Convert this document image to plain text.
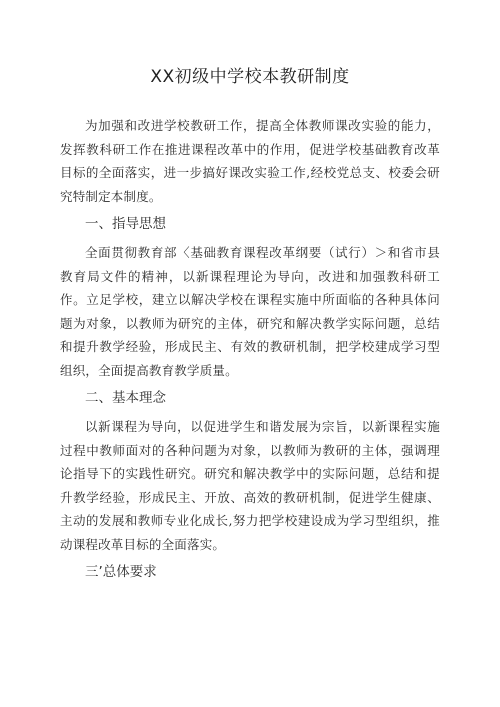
XX初级中学校本教研制度

为加强和改进学校教研工作，提高全体教师课改实验的能力，发挥教科研工作在推进课程改革中的作用，促进学校基础教育改革目标的全面落实，进一步搞好课改实验工作,经校党总支、校委会研究特制定本制度。

一、指导思想

全面贯彻教育部〈基础教育课程改革纲要（试行）＞和省市县教育局文件的精神，以新课程理论为导向，改进和加强教科研工作。立足学校，建立以解决学校在课程实施中所面临的各种具体问题为对象，以教师为研究的主体，研究和解决教学实际问题，总结和提升教学经验，形成民主、有效的教研机制，把学校建成学习型组织，全面提高教育教学质量。

二、基本理念

以新课程为导向，以促进学生和谐发展为宗旨，以新课程实施过程中教师面对的各种问题为对象，以教师为教研的主体，强调理论指导下的实践性研究。研究和解决教学中的实际问题，总结和提升教学经验，形成民主、开放、高效的教研机制，促进学生健康、主动的发展和教师专业化成长,努力把学校建设成为学习型组织，推动课程改革目标的全面落实。

三’总体要求
